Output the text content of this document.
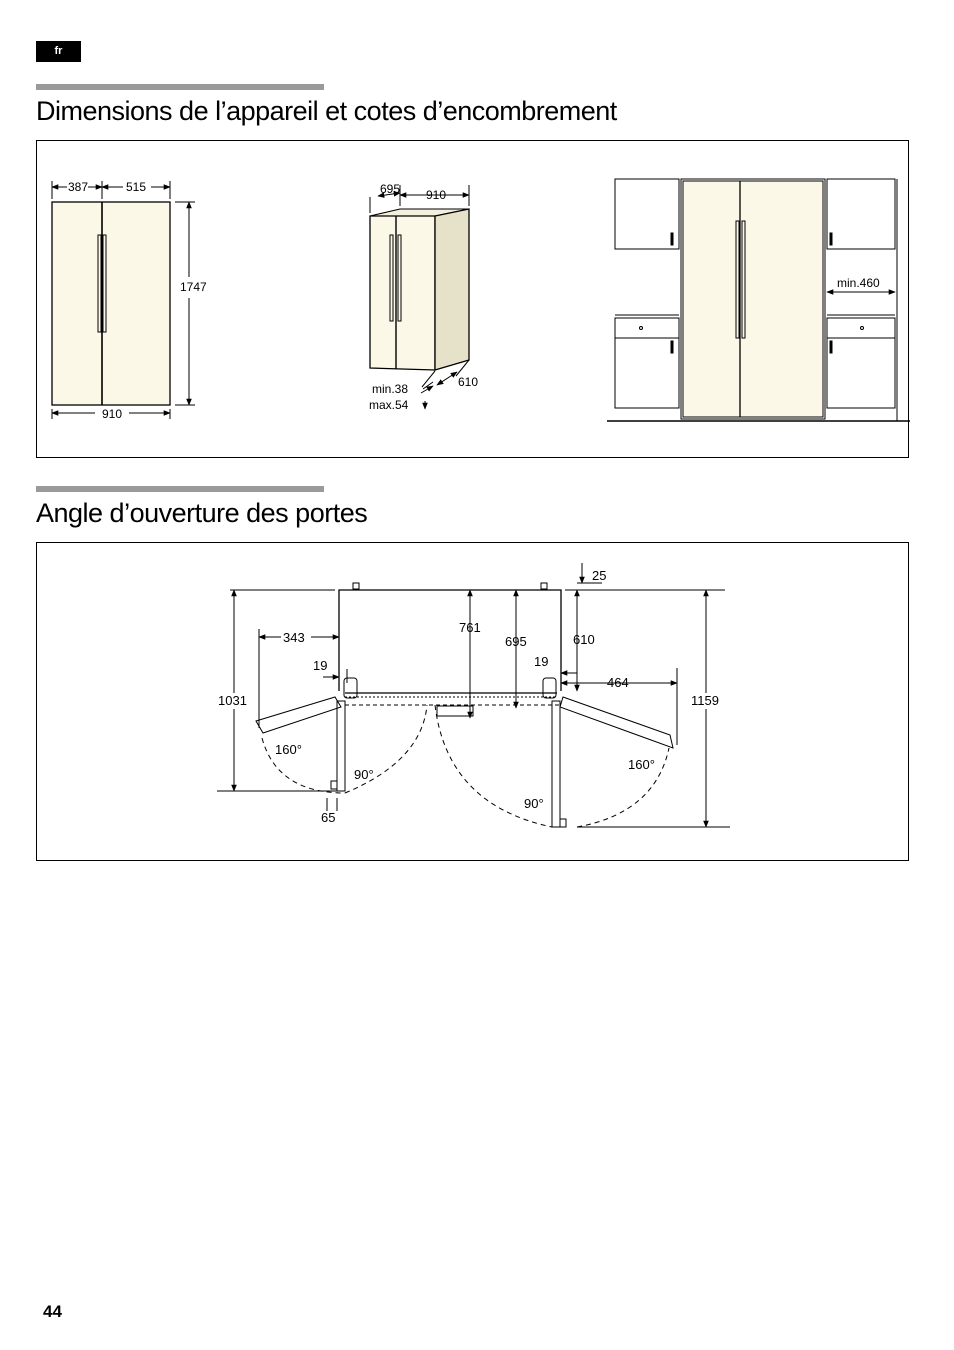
fr
Dimensions de l’appareil et cotes d’encombrement
387	515
1747
910
695 910
610
min.38
max.54
min.460
Angle d’ouverture des portes
25
343
761
695	610
19	19
464
1031	1159
160°
90°
160°
90°
65
44
